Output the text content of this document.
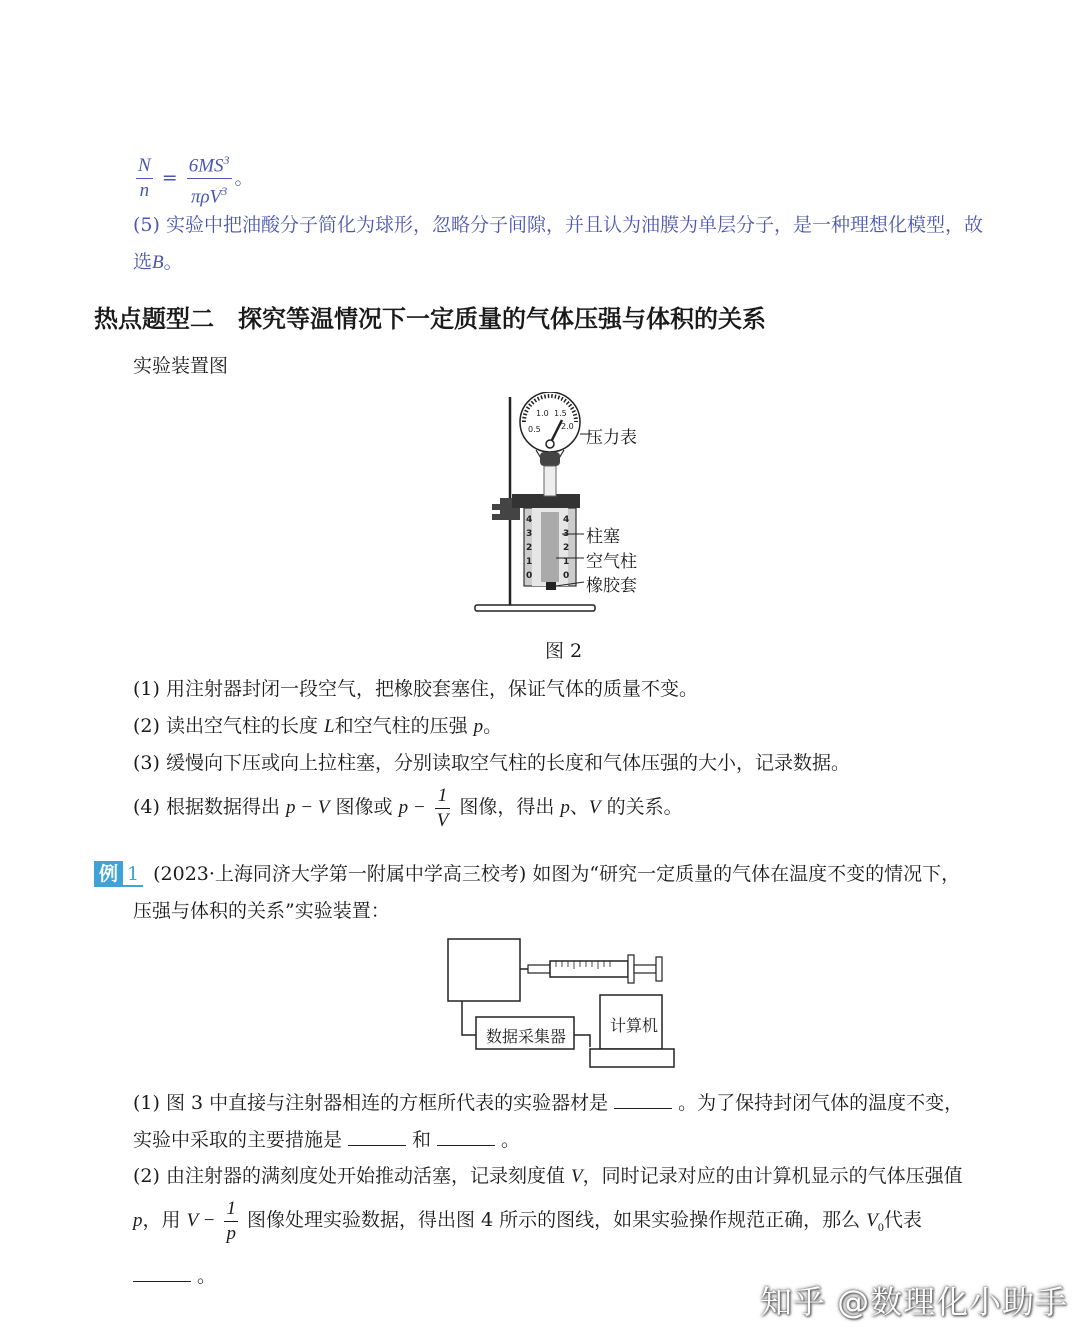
$\frac{N}{n} = \frac{6MS^3}{\pi\rho V^3}$ 。
(5) 实验中把油酸分子简化为球形，忽略分子间隙，并且认为油膜为单层分子，是一种理想化模型，故
选B。
热点题型二　探究等温情况下一定质量的气体压强与体积的关系
实验装置图
0.5
1.0 1.5
2.0
4
3
2
1
0
4
3
2
1
0
压力表
柱塞
空气柱
橡胶套
图 2
(1) 用注射器封闭一段空气，把橡胶套塞住，保证气体的质量不变。
(2) 读出空气柱的长度 L和空气柱的压强 p。
(3) 缓慢向下压或向上拉柱塞，分别读取空气柱的长度和气体压强的大小，记录数据。
(4) 根据数据得出 p − V 图像或 $p - \frac{1}{V}$ 图像，得出 p、V 的关系。
例 1 (2023·上海同济大学第一附属中学高三校考) 如图为“研究一定质量的气体在温度不变的情况下，
压强与体积的关系”实验装置：
数据采集器
计算机
(1) 图 3 中直接与注射器相连的方框所代表的实验器材是	。为了保持封闭气体的温度不变，
实验中采取的主要措施是	和	。
(2) 由注射器的满刻度处开始推动活塞，记录刻度值 V，同时记录对应的由计算机显示的气体压强值
p，用 $V - \frac{1}{p}$ 图像处理实验数据，得出图 4 所示的图线，如果实验操作规范正确，那么 $V_0$代表
。
知乎 @数理化小助手
